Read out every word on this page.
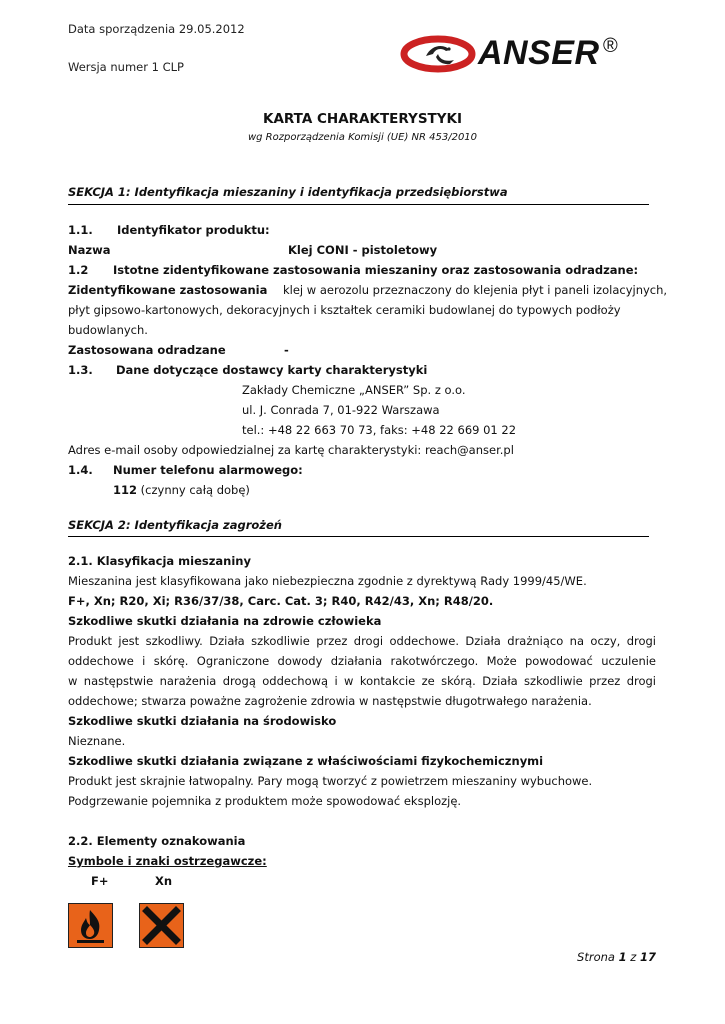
Data sporządzenia 29.05.2012
Wersja numer 1 CLP	ANSER ®
KARTA CHARAKTERYSTYKI
wg Rozporządzenia Komisji (UE) NR 453/2010
SEKCJA 1: Identyfikacja mieszaniny i identyfikacja przedsiębiorstwa
1.1. Identyfikator produktu:
Nazwa	Klej CONI - pistoletowy
1.2 Istotne zidentyfikowane zastosowania mieszaniny oraz zastosowania odradzane:
Zidentyfikowane zastosowania klej w aerozolu przeznaczony do klejenia płyt i paneli izolacyjnych,
płyt gipsowo-kartonowych, dekoracyjnych i kształtek ceramiki budowlanej do typowych podłoży
budowlanych.
Zastosowana odradzane	-
1.3. Dane dotyczące dostawcy karty charakterystyki
Zakłady Chemiczne „ANSER” Sp. z o.o.
ul. J. Conrada 7, 01-922 Warszawa
tel.: +48 22 663 70 73, faks: +48 22 669 01 22
Adres e-mail osoby odpowiedzialnej za kartę charakterystyki: reach@anser.pl
1.4. Numer telefonu alarmowego:
112 (czynny całą dobę)
SEKCJA 2: Identyfikacja zagrożeń
2.1. Klasyfikacja mieszaniny
Mieszanina jest klasyfikowana jako niebezpieczna zgodnie z dyrektywą Rady 1999/45/WE.
F+, Xn; R20, Xi; R36/37/38, Carc. Cat. 3; R40, R42/43, Xn; R48/20.
Szkodliwe skutki działania na zdrowie człowieka
Produkt jest szkodliwy. Działa szkodliwie przez drogi oddechowe. Działa drażniąco na oczy, drogi
oddechowe i skórę. Ograniczone dowody działania rakotwórczego. Może powodować uczulenie
w następstwie narażenia drogą oddechową i w kontakcie ze skórą. Działa szkodliwie przez drogi
oddechowe; stwarza poważne zagrożenie zdrowia w następstwie długotrwałego narażenia.
Szkodliwe skutki działania na środowisko
Nieznane.
Szkodliwe skutki działania związane z właściwościami fizykochemicznymi
Produkt jest skrajnie łatwopalny. Pary mogą tworzyć z powietrzem mieszaniny wybuchowe.
Podgrzewanie pojemnika z produktem może spowodować eksplozję.
2.2. Elementy oznakowania
Symbole i znaki ostrzegawcze:
F+	Xn
Strona 1 z 17
